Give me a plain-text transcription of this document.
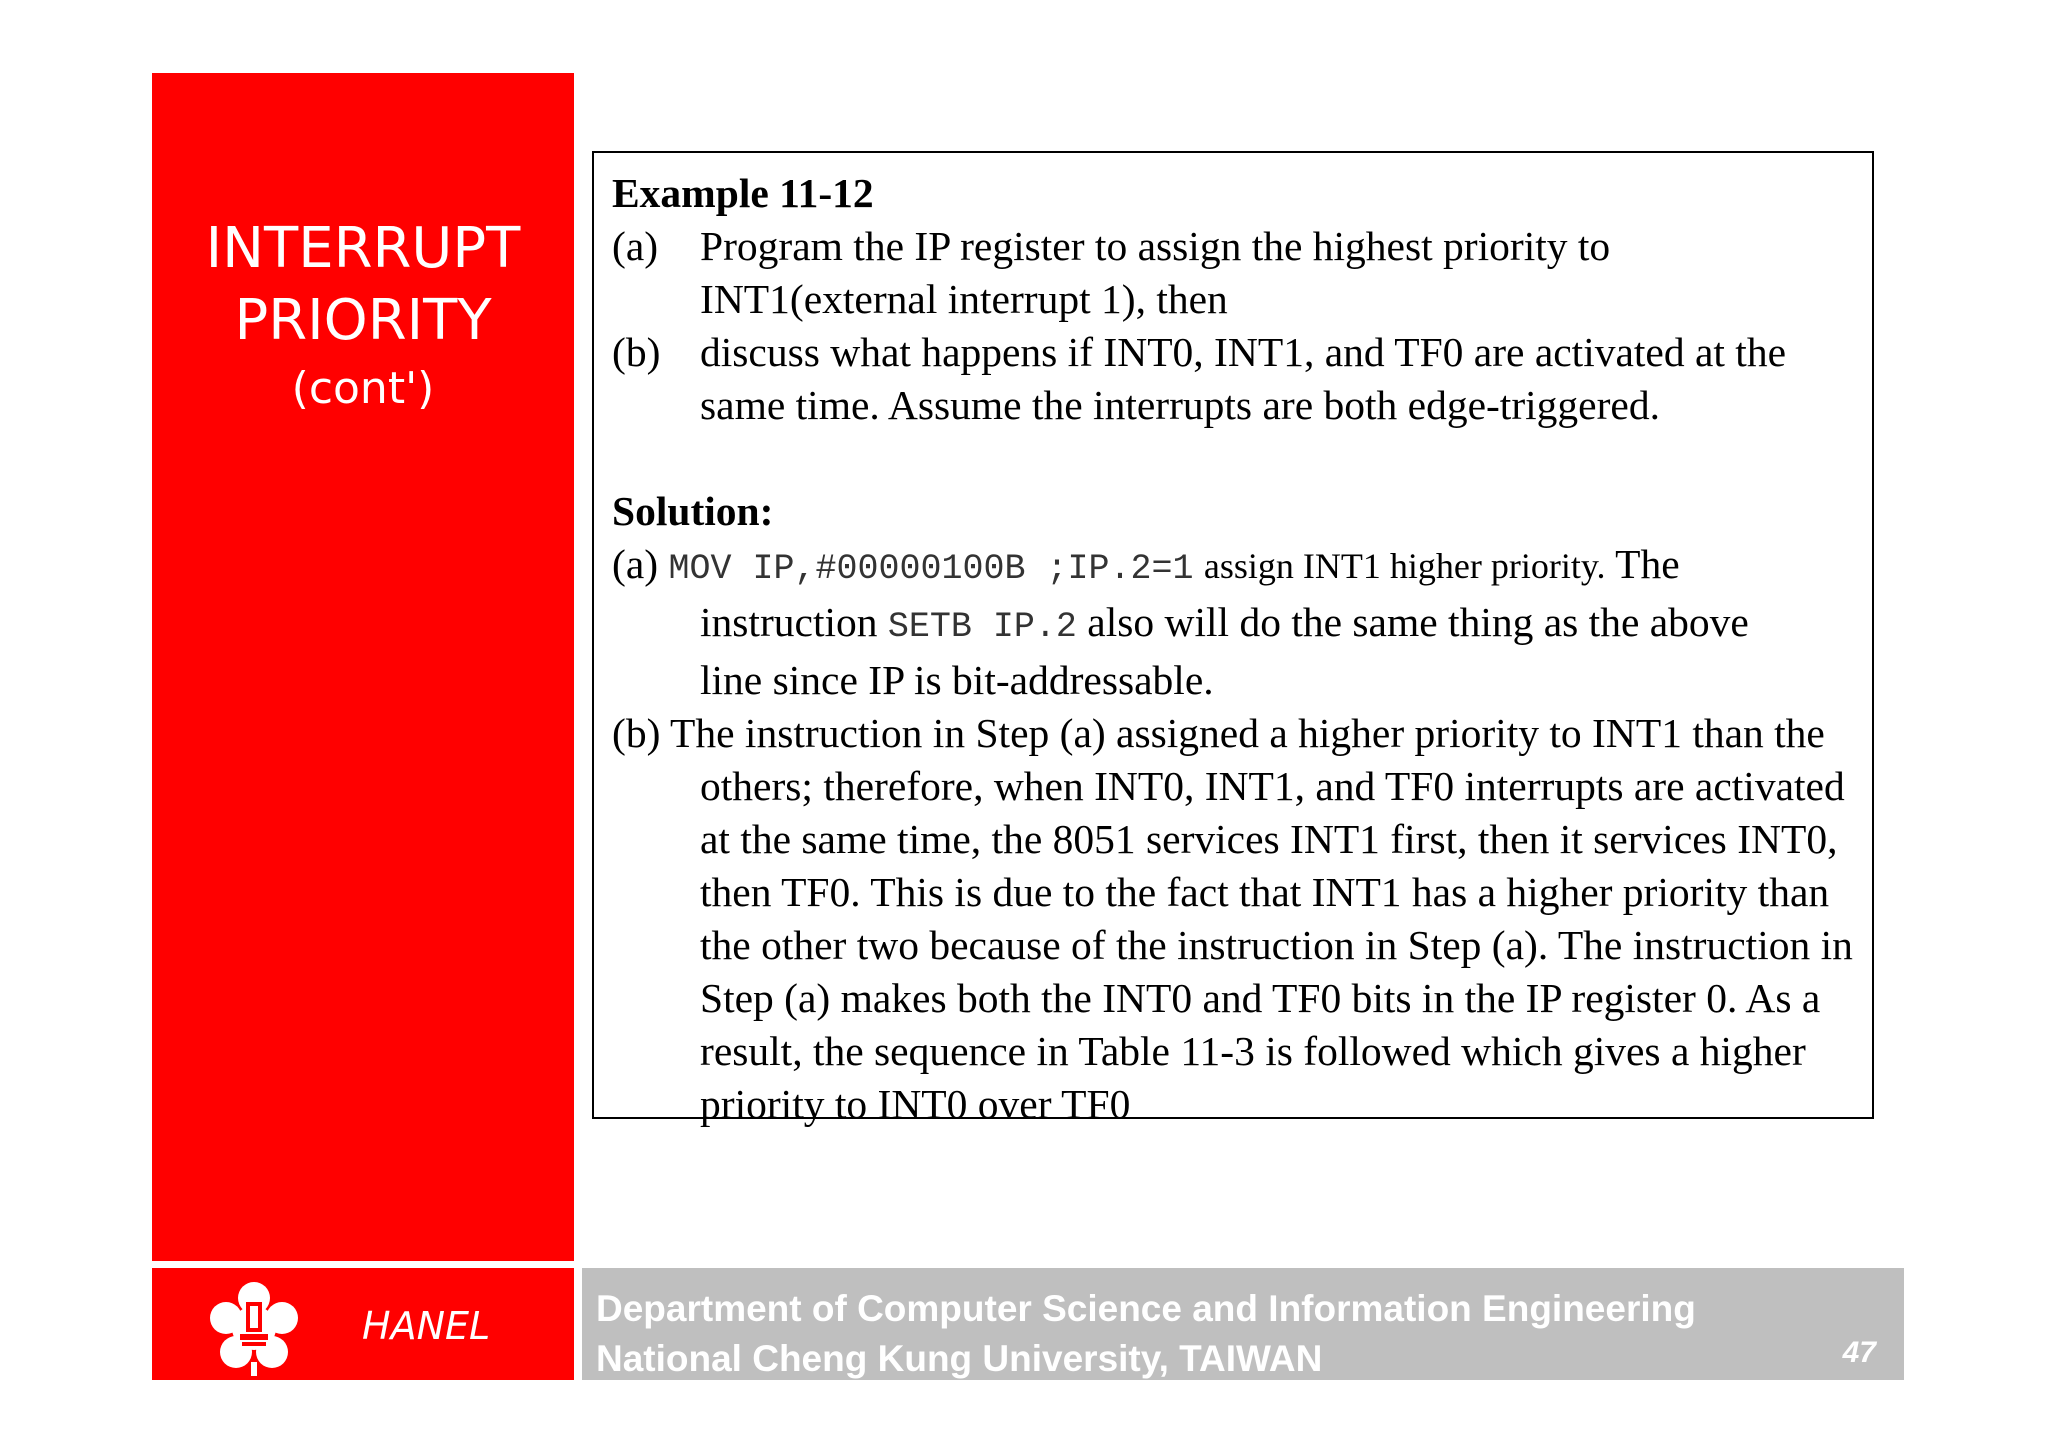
INTERRUPT
PRIORITY
(cont')
Example 11-12
(a)	Program the IP register to assign the highest priority to
INT1(external interrupt 1), then
(b) discuss what happens if INT0, INT1, and TF0 are activated at the
same time. Assume the interrupts are both edge-triggered.
Solution:
(a) MOV IP,#00000100B ;IP.2=1 assign INT1 higher priority. The
instruction SETB IP.2 also will do the same thing as the above
line since IP is bit-addressable.
(b) The instruction in Step (a) assigned a higher priority to INT1 than the others; therefore, when INT0, INT1, and TF0 interrupts are activated at the same time, the 8051 services INT1 first, then it services INT0, then TF0. This is due to the fact that INT1 has a higher priority than the other two because of the instruction in Step (a). The instruction in Step (a) makes both the INT0 and TF0 bits in the IP register 0. As a result, the sequence in Table 11-3 is followed which gives a higher priority to INT0 over TF0
HANEL	Department of Computer Science and Information Engineering
National Cheng Kung University, TAIWAN	47
